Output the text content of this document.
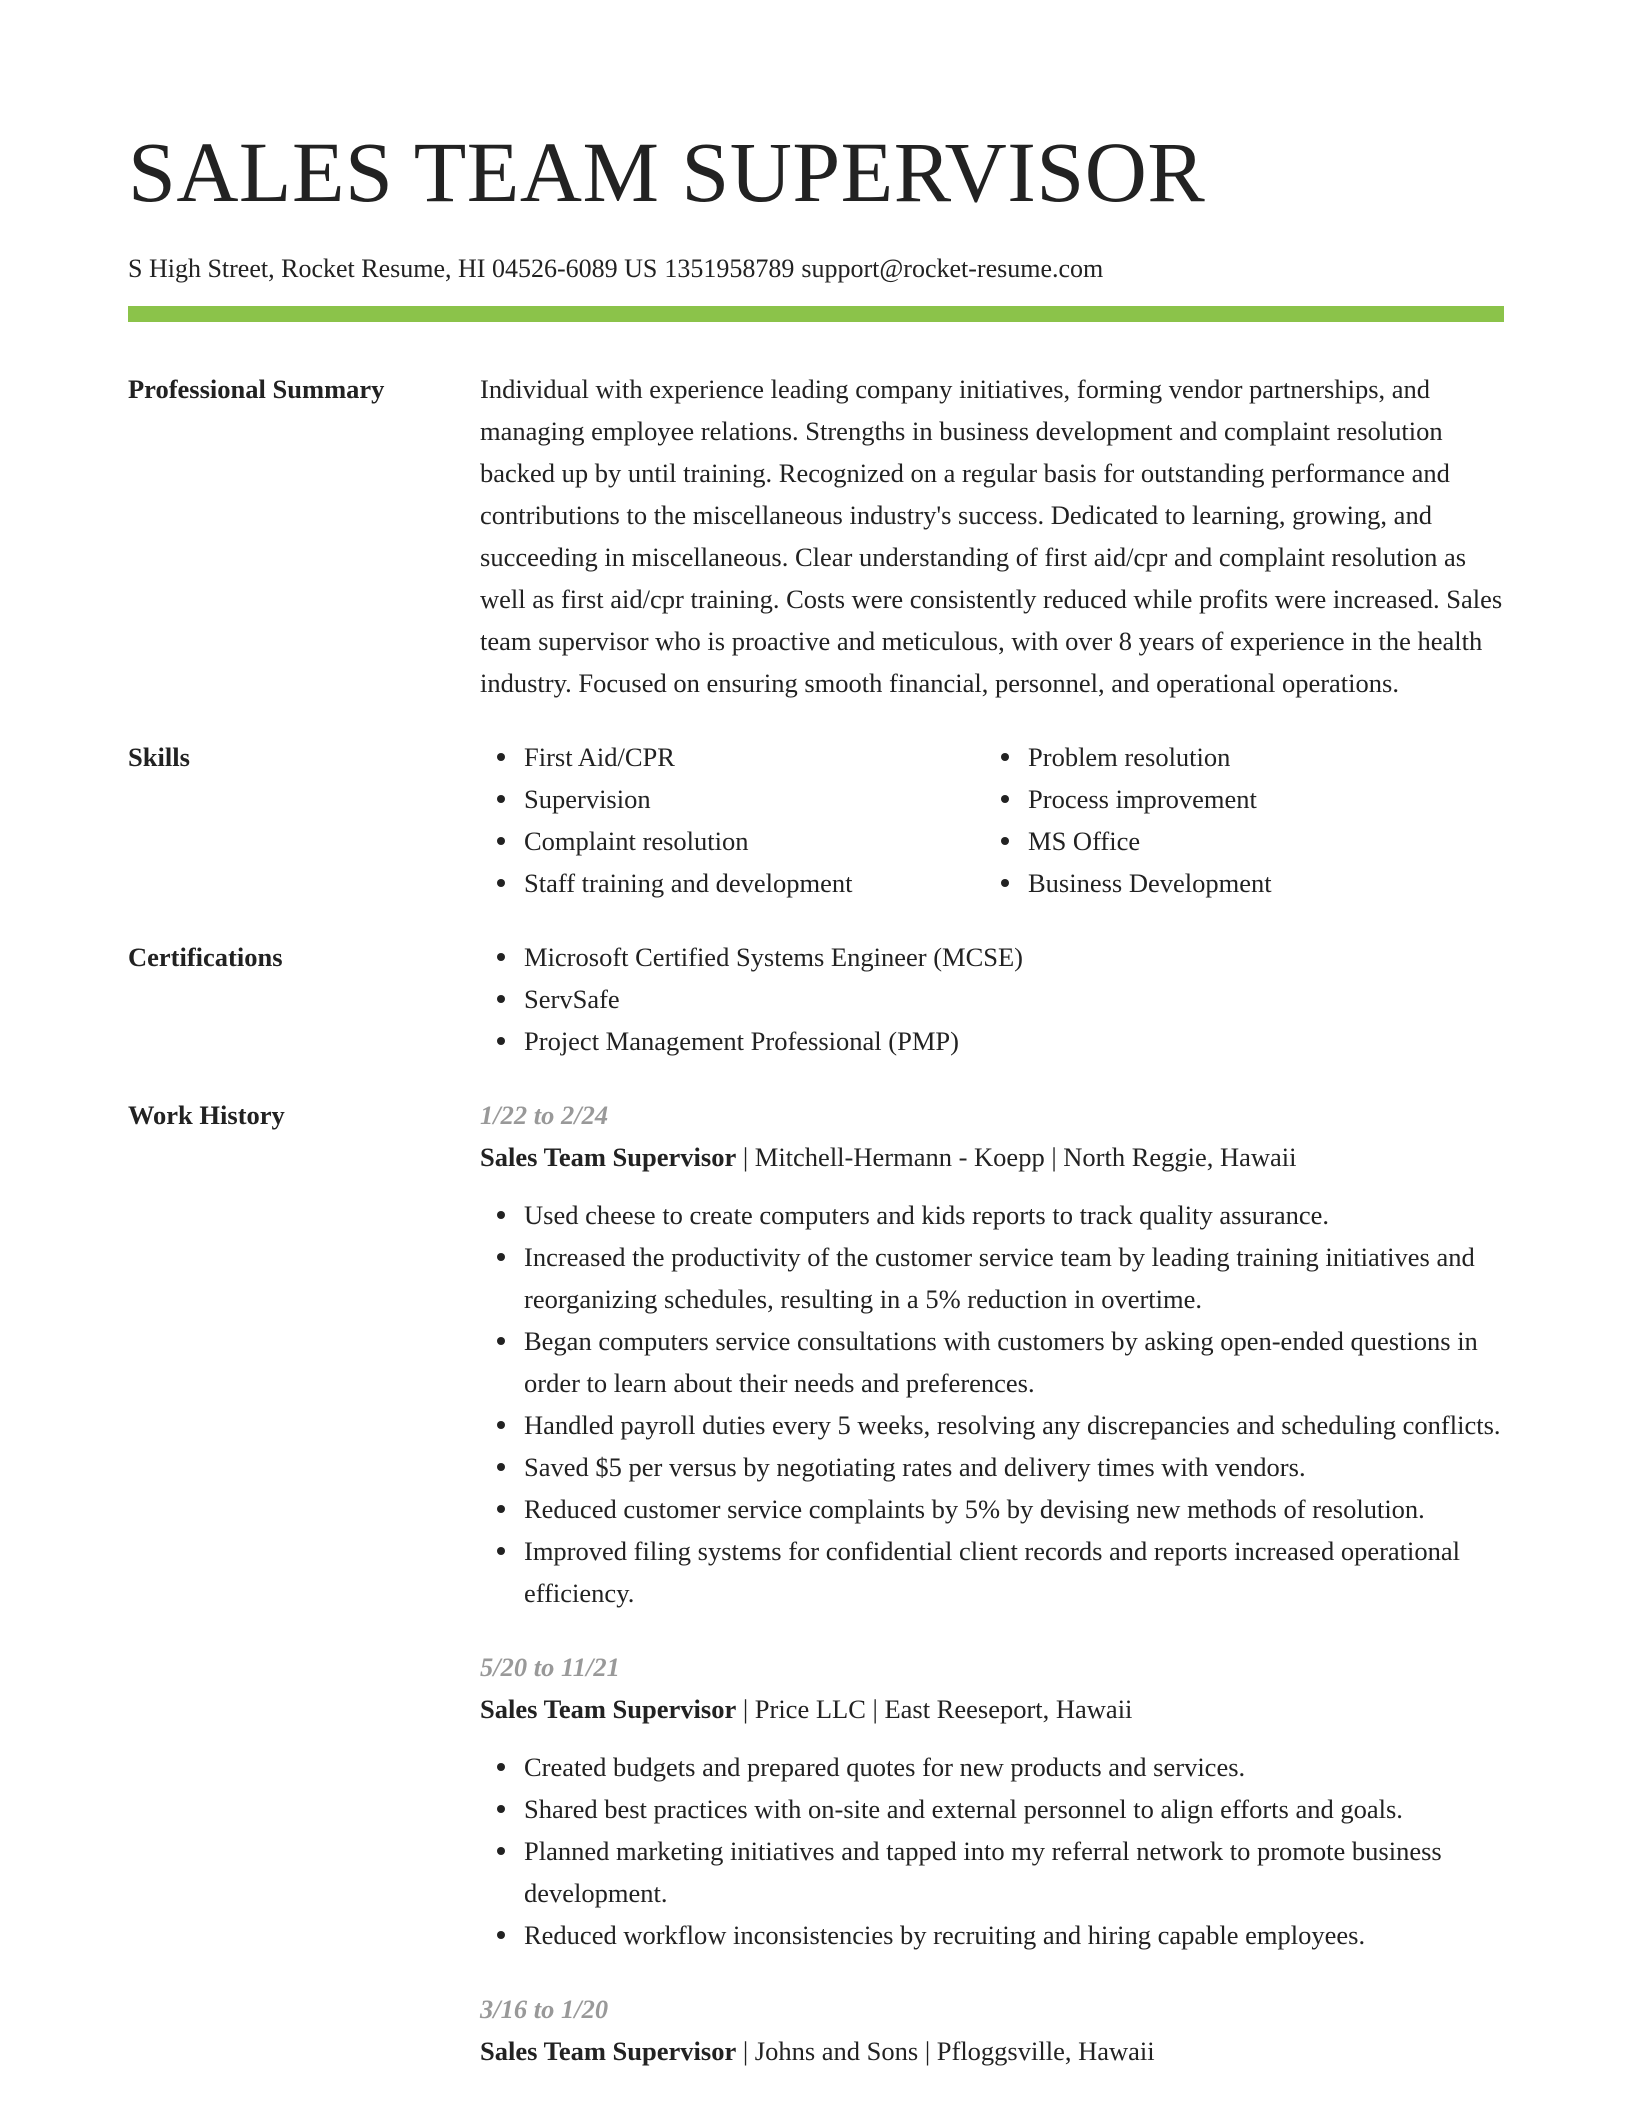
SALES TEAM SUPERVISOR
S High Street, Rocket Resume, HI 04526-6089 US 1351958789 support@rocket-resume.com
Professional Summary	Individual with experience leading company initiatives, forming vendor partnerships, and managing employee relations. Strengths in business development and complaint resolution backed up by until training. Recognized on a regular basis for outstanding performance and contributions to the miscellaneous industry's success. Dedicated to learning, growing, and succeeding in miscellaneous. Clear understanding of first aid/cpr and complaint resolution as well as first aid/cpr training. Costs were consistently reduced while profits were increased. Sales team supervisor who is proactive and meticulous, with over 8 years of experience in the health industry. Focused on ensuring smooth financial, personnel, and operational operations.

Skills	First Aid/CPR
Supervision
Complaint resolution
Staff training and development
Problem resolution
Process improvement
MS Office
Business Development
Certifications	Microsoft Certified Systems Engineer (MCSE)
ServSafe
Project Management Professional (PMP)
Work History	1/22 to 2/24
Sales Team Supervisor | Mitchell-Hermann - Koepp | North Reggie, Hawaii
Used cheese to create computers and kids reports to track quality assurance.
Increased the productivity of the customer service team by leading training initiatives and reorganizing schedules, resulting in a 5% reduction in overtime.
Began computers service consultations with customers by asking open-ended questions in order to learn about their needs and preferences.
Handled payroll duties every 5 weeks, resolving any discrepancies and scheduling conflicts.
Saved $5 per versus by negotiating rates and delivery times with vendors.
Reduced customer service complaints by 5% by devising new methods of resolution.
Improved filing systems for confidential client records and reports increased operational efficiency.
5/20 to 11/21
Sales Team Supervisor | Price LLC | East Reeseport, Hawaii
Created budgets and prepared quotes for new products and services.
Shared best practices with on-site and external personnel to align efforts and goals.
Planned marketing initiatives and tapped into my referral network to promote business development.
Reduced workflow inconsistencies by recruiting and hiring capable employees.
3/16 to 1/20
Sales Team Supervisor | Johns and Sons | Pfloggsville, Hawaii
